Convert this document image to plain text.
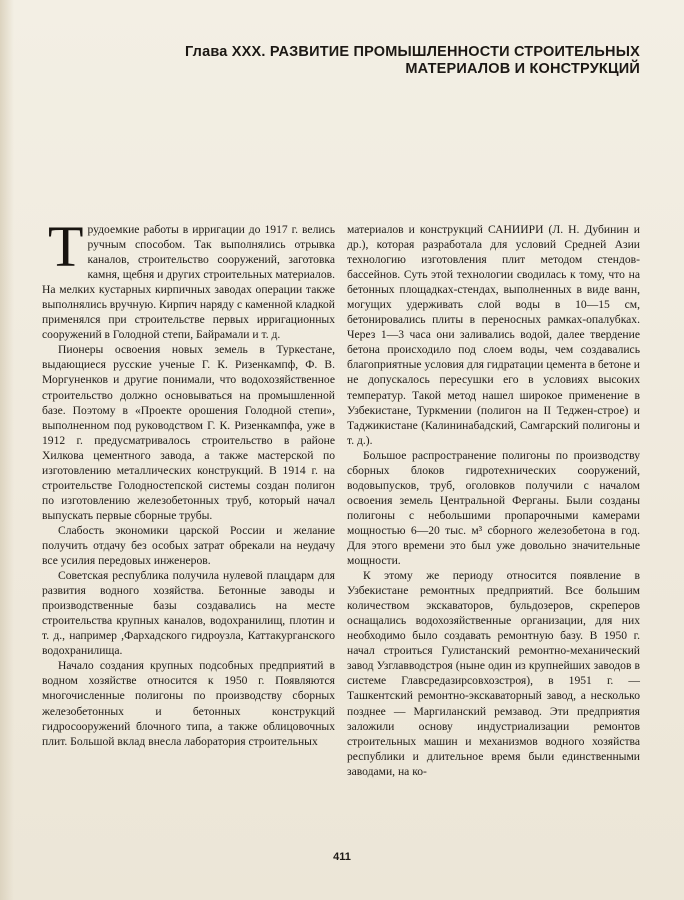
Глава XXX. РАЗВИТИЕ ПРОМЫШЛЕННОСТИ СТРОИТЕЛЬНЫХ
МАТЕРИАЛОВ И КОНСТРУКЦИЙ

Трудоемкие работы в ирригации до 1917 г. велись ручным способом. Так выполнялись отрывка каналов, строительство сооружений, заготовка камня, щебня и других строительных материалов. На мелких кустарных кирпичных заводах операции также выполнялись вручную. Кирпич наряду с каменной кладкой применялся при строительстве первых ирригационных сооружений в Голодной степи, Байрамали и т. д.

Пионеры освоения новых земель в Туркестане, выдающиеся русские ученые Г. К. Ризенкампф, Ф. В. Моргуненков и другие понимали, что водохозяйственное строительство должно основываться на промышленной базе. Поэтому в «Проекте орошения Голодной степи», выполненном под руководством Г. К. Ризенкампфа, уже в 1912 г. предусматривалось строительство в районе Хилкова цементного завода, а также мастерской по изготовлению металлических конструкций. В 1914 г. на строительстве Голодностепской системы создан полигон по изготовлению железобетонных труб, который начал выпускать первые сборные трубы.

Слабость экономики царской России и желание получить отдачу без особых затрат обрекали на неудачу все усилия передовых инженеров.

Советская республика получила нулевой плацдарм для развития водного хозяйства. Бетонные заводы и производственные базы создавались на месте строительства крупных каналов, водохранилищ, плотин и т. д., например ,Фархадского гидроузла, Каттакурганского водохранилища.

Начало создания крупных подсобных предприятий в водном хозяйстве относится к 1950 г. Появляются многочисленные полигоны по производству сборных железобетонных и бетонных конструкций гидросооружений блочного типа, а также облицовочных плит. Большой вклад внесла лаборатория строительных

материалов и конструкций САНИИРИ (Л. Н. Дубинин и др.), которая разработала для условий Средней Азии технологию изготовления плит методом стендов-бассейнов. Суть этой технологии сводилась к тому, что на бетонных площадках-стендах, выполненных в виде ванн, могущих удерживать слой воды в 10—15 см, бетонировались плиты в переносных рамках-опалубках. Через 1—3 часа они заливались водой, далее твердение бетона происходило под слоем воды, чем создавались благоприятные условия для гидратации цемента в бетоне и не допускалось пересушки его в условиях высоких температур. Такой метод нашел широкое применение в Узбекистане, Туркмении (полигон на II Теджен-строе) и Таджикистане (Калининабадский, Самгарский полигоны и т. д.).

Большое распространение полигоны по производству сборных блоков гидротехнических сооружений, водовыпусков, труб, оголовков получили с началом освоения земель Центральной Ферганы. Были созданы полигоны с небольшими пропарочными камерами мощностью 6—20 тыс. м³ сборного железобетона в год. Для этого времени это был уже довольно значительные мощности.

К этому же периоду относится появление в Узбекистане ремонтных предприятий. Все большим количеством экскаваторов, бульдозеров, скреперов оснащались водохозяйственные организации, для них необходимо было создавать ремонтную базу. В 1950 г. начал строиться Гулистанский ремонтно-механический завод Узглавводстроя (ныне один из крупнейших заводов в системе Главсредазирсовхозстроя), в 1951 г. — Ташкентский ремонтно-экскаваторный завод, а несколько позднее — Маргиланский ремзавод. Эти предприятия заложили основу индустриализации ремонтов строительных машин и механизмов водного хозяйства республики и длительное время были единственными заводами, на ко-

411
